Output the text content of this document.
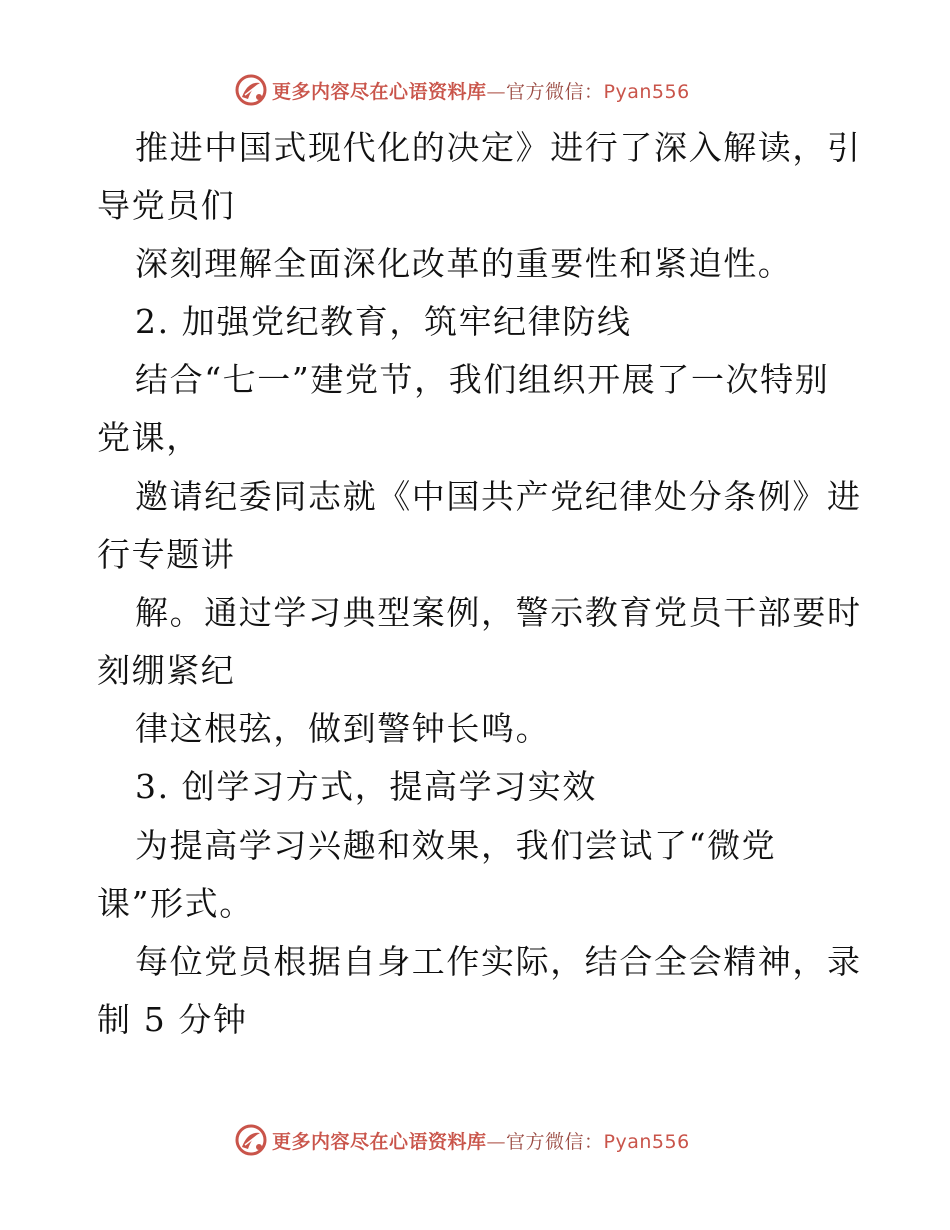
更多内容尽在心语资料库—官方微信：Pyan556
推进中国式现代化的决定》进行了深入解读，引
导党员们
深刻理解全面深化改革的重要性和紧迫性。
2. 加强党纪教育，筑牢纪律防线
结合“七一”建党节，我们组织开展了一次特别
党课，
邀请纪委同志就《中国共产党纪律处分条例》进
行专题讲
解。通过学习典型案例，警示教育党员干部要时
刻绷紧纪
律这根弦，做到警钟长鸣。
3. 创学习方式，提高学习实效
为提高学习兴趣和效果，我们尝试了“微党
课”形式。
每位党员根据自身工作实际，结合全会精神，录
制 5 分钟
更多内容尽在心语资料库—官方微信：Pyan556
